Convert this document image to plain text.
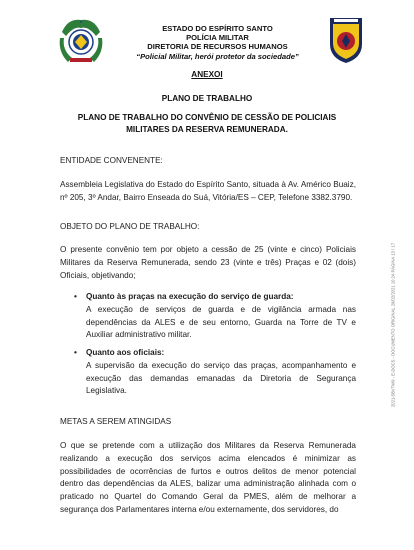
★
ESTADO DO ESPÍRITO SANTO
POLÍCIA MILITAR
DIRETORIA DE RECURSOS HUMANOS
“Policial Militar, herói protetor da sociedade”
ANEXOI
PLANO DE TRABALHO
PLANO DE TRABALHO DO CONVÊNIO DE CESSÃO DE POLICIAIS
MILITARES DA RESERVA REMUNERADA.
ENTIDADE CONVENENTE:
Assembleia Legislativa do Estado do Espírito Santo, situada à Av. Américo Buaiz, nº 205, 3º Andar, Bairro Enseada do Suá, Vitória/ES – CEP, Telefone 3382.3790.
OBJETO DO PLANO DE TRABALHO:
O presente convênio tem por objeto a cessão de 25 (vinte e cinco) Policiais Militares da Reserva Remunerada, sendo 23 (vinte e três) Praças e 02 (dois) Oficiais, objetivando;
• Quanto às praças na execução do serviço de guarda:
A execução de serviços de guarda e de vigilância armada nas dependências da ALES e de seu entorno, Guarda na Torre de TV e Auxiliar administrativo militar.
• Quanto aos oficiais:
A supervisão da execução do serviço das praças, acompanhamento e execução das demandas emanadas da Diretoria de Segurança Legislativa.
METAS A SEREM ATINGIDAS
O que se pretende com a utilização dos Militares da Reserva Remunerada realizando a execução dos serviços acima elencados é minimizar as possibilidades de ocorrências de furtos e outros delitos de menor potencial dentro das dependências da ALES, balizar uma administração alinhada com o praticado no Quartel do Comando Geral da PMES, além de melhorar a segurança dos Parlamentares interna e/ou externamente, dos servidores, do
2021-5BVTW9 - E-DOCS - DOCUMENTO ORIGINAL 29/02/2021 10:24 PÁGINA 13 / 17
